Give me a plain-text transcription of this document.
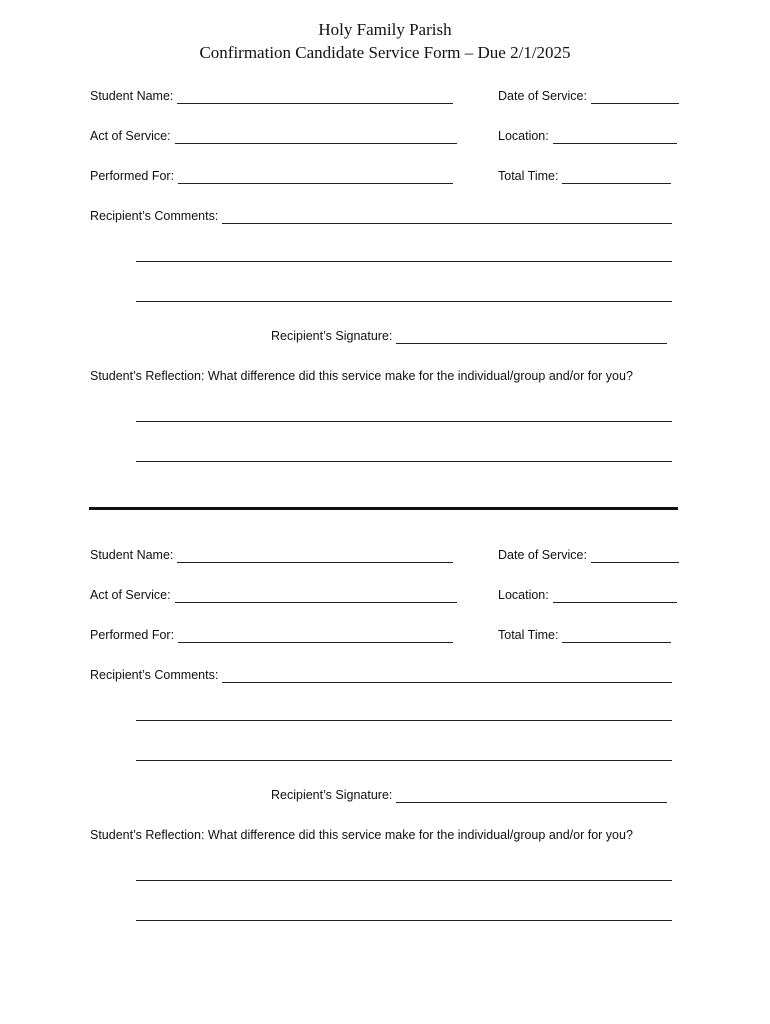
Holy Family Parish
Confirmation Candidate Service Form – Due 2/1/2025
Student Name:	Date of Service:
Act of Service:	Location:
Performed For:	Total Time:
Recipient’s Comments:
Recipient’s Signature:
Student’s Reflection: What difference did this service make for the individual/group and/or for you?
Student Name:	Date of Service:
Act of Service:	Location:
Performed For:	Total Time:
Recipient’s Comments:
Recipient’s Signature:
Student’s Reflection: What difference did this service make for the individual/group and/or for you?
